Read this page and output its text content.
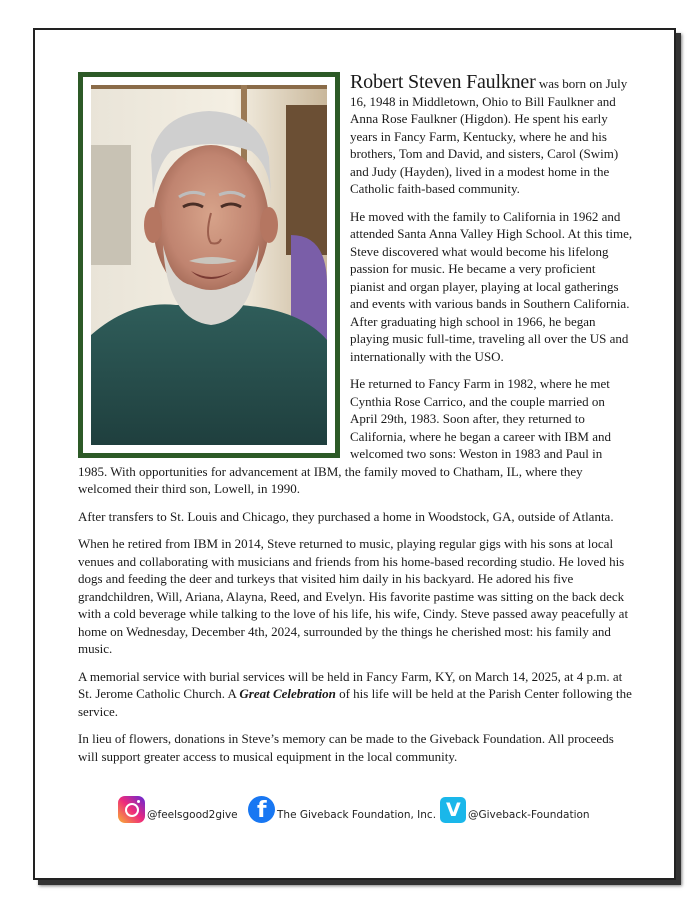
Robert Steven Faulkner was born on July 16, 1948 in Middletown, Ohio to Bill Faulkner and Anna Rose Faulkner (Higdon). He spent his early years in Fancy Farm, Kentucky, where he and his brothers, Tom and David, and sisters, Carol (Swim) and Judy (Hayden), lived in a modest home in the Catholic faith-based community.

He moved with the family to California in 1962 and attended Santa Anna Valley High School. At this time, Steve discovered what would become his lifelong passion for music. He became a very proficient pianist and organ player, playing at local gatherings and events with various bands in Southern California. After graduating high school in 1966, he began playing music full-time, traveling all over the US and internationally with the USO.

He returned to Fancy Farm in 1982, where he met Cynthia Rose Carrico, and the couple married on April 29th, 1983. Soon after, they returned to California, where he began a career with IBM and welcomed two sons: Weston in 1983 and Paul in 1985. With opportunities for advancement at IBM, the family moved to Chatham, IL, where they welcomed their third son, Lowell, in 1990.

After transfers to St. Louis and Chicago, they purchased a home in Woodstock, GA, outside of Atlanta.

When he retired from IBM in 2014, Steve returned to music, playing regular gigs with his sons at local venues and collaborating with musicians and friends from his home-based recording studio. He loved his dogs and feeding the deer and turkeys that visited him daily in his backyard. He adored his five grandchildren, Will, Ariana, Alayna, Reed, and Evelyn. His favorite pastime was sitting on the back deck with a cold beverage while talking to the love of his life, his wife, Cindy. Steve passed away peacefully at home on Wednesday, December 4th, 2024, surrounded by the things he cherished most: his family and music.

A memorial service with burial services will be held in Fancy Farm, KY, on March 14, 2025, at 4 p.m. at St. Jerome Catholic Church. A Great Celebration of his life will be held at the Parish Center following the service.

In lieu of flowers, donations in Steve’s memory can be made to the Giveback Foundation. All proceeds will support greater access to musical equipment in the local community.

@feelsgood2give f The Giveback Foundation, Inc. V @Giveback-Foundation
